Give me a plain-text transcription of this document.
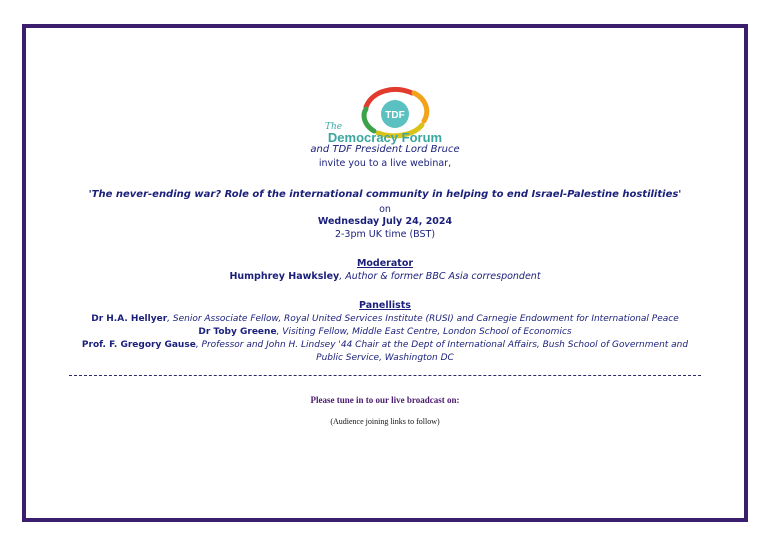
TDF
The
Democracy Forum
and TDF President Lord Bruce
invite you to a live webinar,
'The never-ending war? Role of the international community in helping to end Israel-Palestine hostilities'
on
Wednesday July 24, 2024
2-3pm UK time (BST)
Moderator
Humphrey Hawksley, Author & former BBC Asia correspondent
Panellists
Dr H.A. Hellyer, Senior Associate Fellow, Royal United Services Institute (RUSI) and Carnegie Endowment for International Peace
Dr Toby Greene, Visiting Fellow, Middle East Centre, London School of Economics
Prof. F. Gregory Gause, Professor and John H. Lindsey '44 Chair at the Dept of International Affairs, Bush School of Government and
Public Service, Washington DC
Please tune in to our live broadcast on:
(Audience joining links to follow)
